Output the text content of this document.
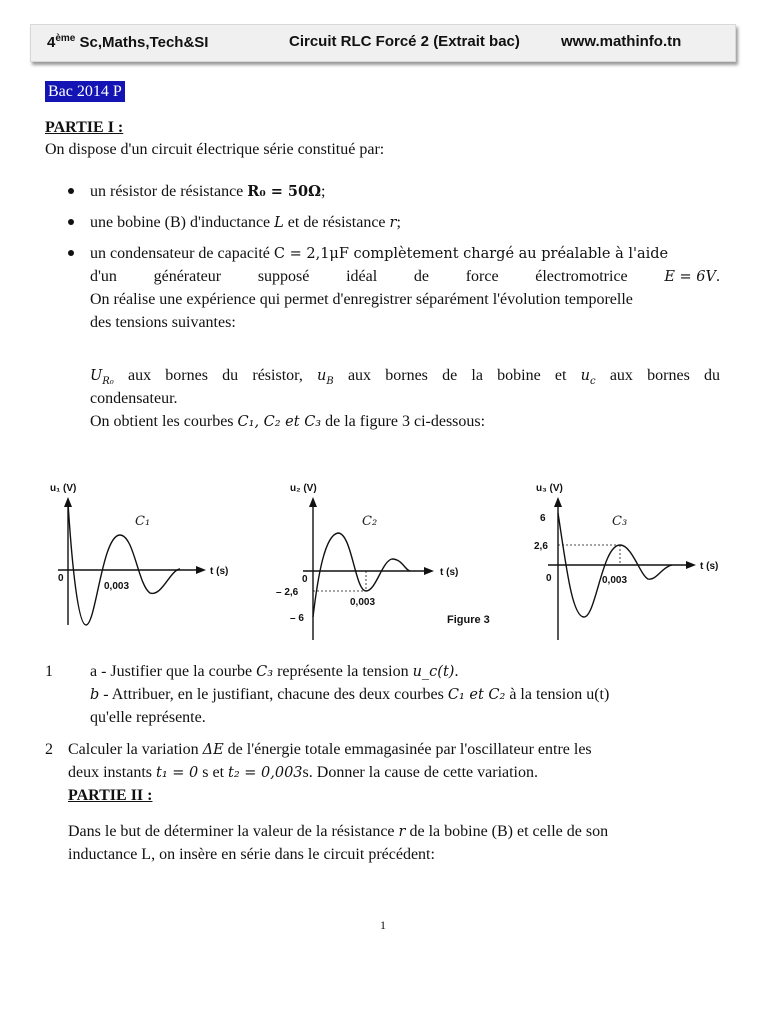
4ème Sc,Maths,Tech&SI	Circuit RLC Forcé 2 (Extrait bac)	www.mathinfo.tn
Bac 2014 P
PARTIE I :
On dispose d'un circuit électrique série constitué par:
un résistor de résistance R₀ = 50Ω;
une bobine (B) d'inductance L et de résistance r;
un condensateur de capacité C = 2,1μF complètement chargé au préalable à l'aide
d'un générateur supposé idéal de force électromotrice	E = 6V.
On réalise une expérience qui permet d'enregistrer séparément l'évolution temporelle
des tensions suivantes:
$U_{R_0}$ aux bornes du résistor, $u_B$ aux bornes de la bobine et $u_c$ aux bornes du
condensateur.
On obtient les courbes C₁, C₂ et C₃ de la figure 3 ci-dessous:
u₁ (V)
t (s)
C₁
0
0,003
u₂ (V)
t (s)
C₂
0
– 2,6
– 6
0,003
Figure 3
u₃ (V)
t (s)
C₃
6
2,6
0	0,003
1 a - Justifier que la courbe C₃ représente la tension u_c(t).
b - Attribuer, en le justifiant, chacune des deux courbes C₁ et C₂ à la tension u(t)
qu'elle représente.
2 Calculer la variation ΔE de l'énergie totale emmagasinée par l'oscillateur entre les
deux instants t₁ = 0 s et t₂ = 0,003s. Donner la cause de cette variation.
PARTIE II :
Dans le but de déterminer la valeur de la résistance r de la bobine (B) et celle de son
inductance L, on insère en série dans le circuit précédent:
1
